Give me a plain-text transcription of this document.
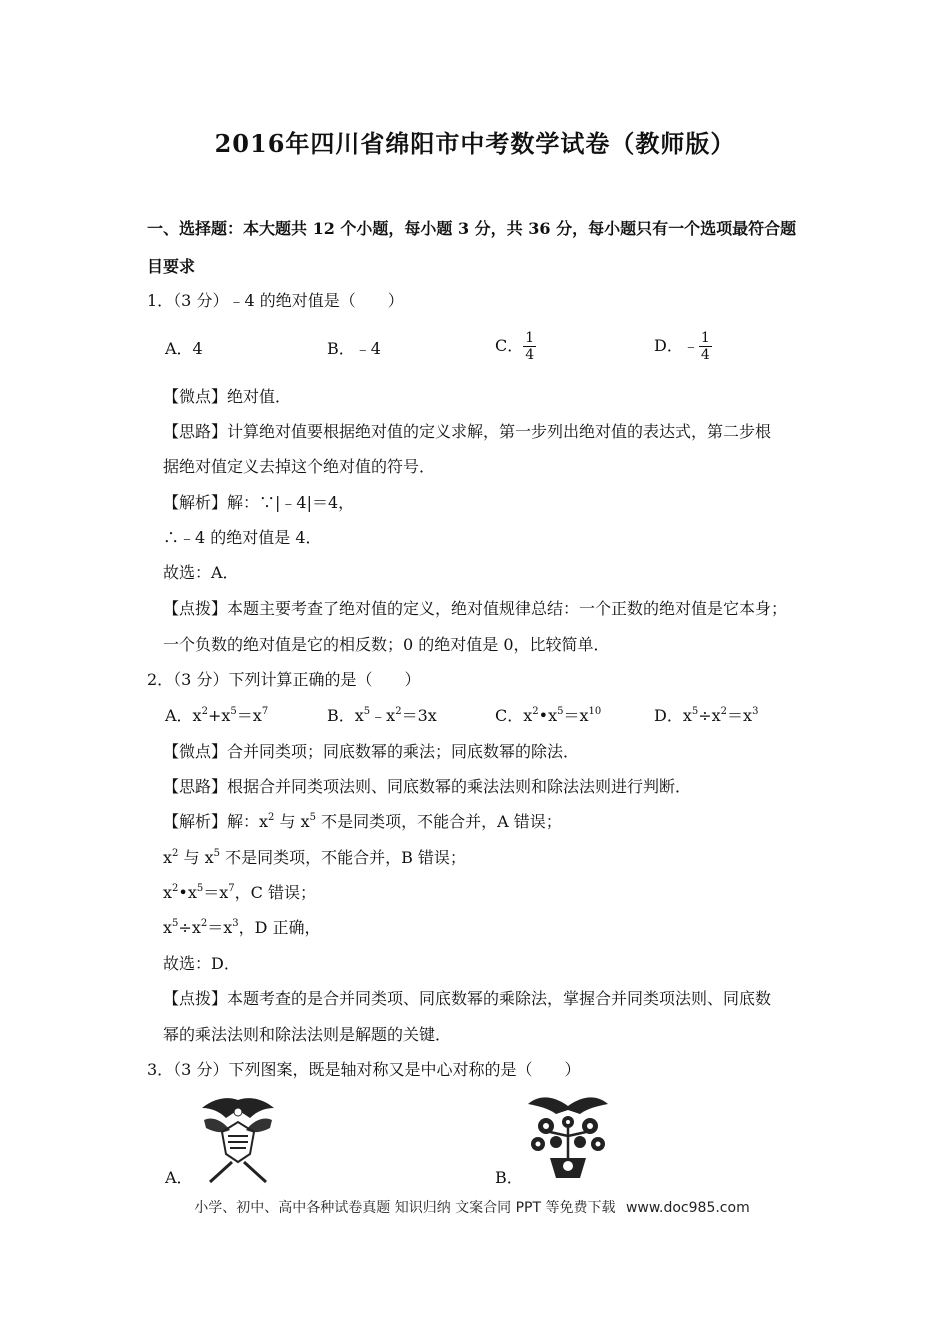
2016年四川省绵阳市中考数学试卷（教师版）
一、选择题：本大题共 12 个小题，每小题 3 分，共 36 分，每小题只有一个选项最符合题
目要求
1．（3 分）﹣4 的绝对值是（　　）
A．4	B．﹣4	C． $\frac{1}{4}$	D．﹣ $\frac{1}{4}$
【微点】绝对值．
【思路】计算绝对值要根据绝对值的定义求解，第一步列出绝对值的表达式，第二步根
据绝对值定义去掉这个绝对值的符号．
【解析】解：∵|﹣4|＝4，
∴﹣4 的绝对值是 4．
故选：A．
【点拨】本题主要考查了绝对值的定义，绝对值规律总结：一个正数的绝对值是它本身；
一个负数的绝对值是它的相反数；0 的绝对值是 0，比较简单．
2．（3 分）下列计算正确的是（　　）
A．$x^2+x^5=x^7$	B．$x^5﹣x^2=3x$	C．$x^2•x^5=x^{10}$	D．$x^5\div x^2=x^3$
【微点】合并同类项；同底数幂的乘法；同底数幂的除法．
【思路】根据合并同类项法则、同底数幂的乘法法则和除法法则进行判断．
【解析】解：$x^2$ 与 $x^5$ 不是同类项，不能合并，A 错误；
$x^2$ 与 $x^5$ 不是同类项，不能合并，B 错误；
$x^2•x^5=x^7$，C 错误；
$x^5\div x^2=x^3$，D 正确，
故选：D．
【点拨】本题考查的是合并同类项、同底数幂的乘除法，掌握合并同类项法则、同底数
幂的乘法法则和除法法则是解题的关键．
3．（3 分）下列图案，既是轴对称又是中心对称的是（　　）
A．	B．
小学、初中、高中各种试卷真题 知识归纳 文案合同 PPT 等免费下载 www.doc985.com
